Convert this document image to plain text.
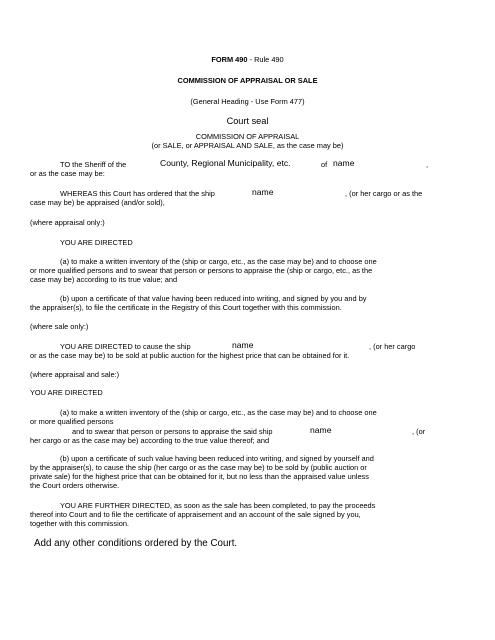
FORM 490 - Rule 490
COMMISSION OF APPRAISAL OR SALE
(General Heading - Use Form 477)
Court seal
COMMISSION OF APPRAISAL
(or SALE, or APPRAISAL AND SALE, as the case may be)
TO the Sheriff of the	County, Regional Municipality, etc.	of name	,
or as the case may be:
WHEREAS this Court has ordered that the ship	name	, (or her cargo or as the
case may be) be appraised (and/or sold),
(where appraisal only:)
YOU ARE DIRECTED
(a) to make a written inventory of the (ship or cargo, etc., as the case may be) and to choose one
or more qualified persons and to swear that person or persons to appraise the (ship or cargo, etc., as the
case may be) according to its true value; and
(b) upon a certificate of that value having been reduced into writing, and signed by you and by
the appraiser(s), to file the certificate in the Registry of this Court together with this commission.
(where sale only:)
YOU ARE DIRECTED to cause the ship	name	, (or her cargo
or as the case may be) to be sold at public auction for the highest price that can be obtained for it.
(where appraisal and sale:)
YOU ARE DIRECTED
(a) to make a written inventory of the (ship or cargo, etc., as the case may be) and to choose one
or more qualified persons
and to swear that person or persons to appraise the said ship	name	, (or
her cargo or as the case may be) according to the true value thereof; and
(b) upon a certificate of such value having been reduced into writing, and signed by yourself and
by the appraiser(s), to cause the ship (her cargo or as the case may be) to be sold by (public auction or
private sale) for the highest price that can be obtained for it, but no less than the appraised value unless
the Court orders otherwise.
YOU ARE FURTHER DIRECTED, as soon as the sale has been completed, to pay the proceeds
thereof into Court and to file the certificate of appraisement and an account of the sale signed by you,
together with this commission.
Add any other conditions ordered by the Court.
